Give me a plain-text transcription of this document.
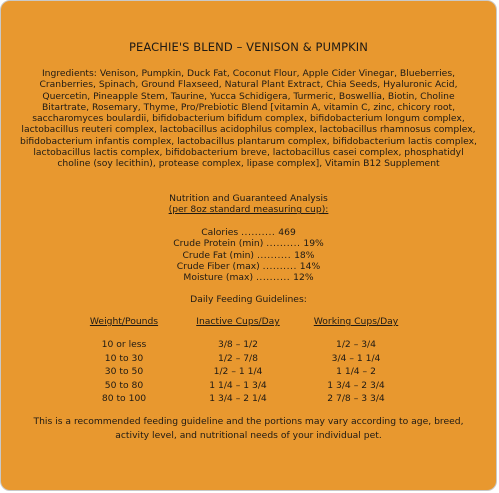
PEACHIE'S BLEND – VENISON & PUMPKIN
Ingredients: Venison, Pumpkin, Duck Fat, Coconut Flour, Apple Cider Vinegar, Blueberries, Cranberries, Spinach, Ground Flaxseed, Natural Plant Extract, Chia Seeds, Hyaluronic Acid, Quercetin, Pineapple Stem, Taurine, Yucca Schidigera, Turmeric, Boswellia, Biotin, Choline Bitartrate, Rosemary, Thyme, Pro/Prebiotic Blend [vitamin A, vitamin C, zinc, chicory root, saccharomyces boulardii, bifidobacterium bifidum complex, bifidobacterium longum complex, lactobacillus reuteri complex, lactobacillus acidophilus complex, lactobacillus rhamnosus complex, bifidobacterium infantis complex, lactobacillus plantarum complex, bifidobacterium lactis complex, lactobacillus lactis complex, bifidobacterium breve, lactobacillus casei complex, phosphatidyl choline (soy lecithin), protease complex, lipase complex], Vitamin B12 Supplement
Nutrition and Guaranteed Analysis
(per 8oz standard measuring cup):
Calories .......... 469
Crude Protein (min) .......... 19%
Crude Fat (min) .......... 18%
Crude Fiber (max) .......... 14%
Moisture (max) .......... 12%
Daily Feeding Guidelines:
Weight/Pounds
10 or less
10 to 30
30 to 50
50 to 80
80 to 100
Inactive Cups/Day
3/8 – 1/2
1/2 – 7/8
1/2 – 1 1/4
1 1/4 – 1 3/4
1 3/4 – 2 1/4
Working Cups/Day
1/2 – 3/4
3/4 – 1 1/4
1 1/4 – 2
1 3/4 – 2 3/4
2 7/8 – 3 3/4
This is a recommended feeding guideline and the portions may vary according to age, breed, activity level, and nutritional needs of your individual pet.
